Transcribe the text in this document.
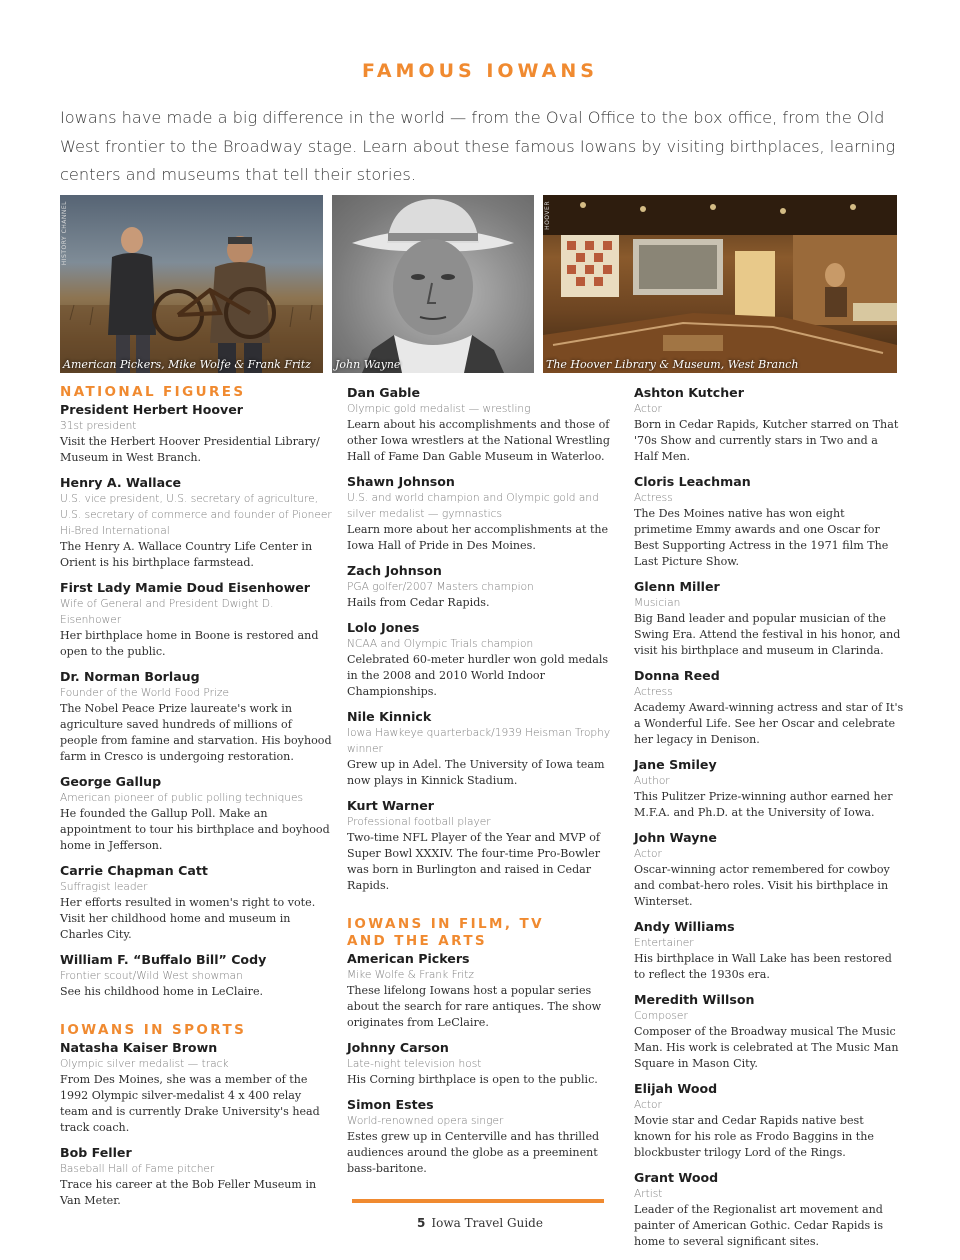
FAMOUS IOWANS
Iowans have made a big difference in the world — from the Oval Office to the box office, from the Old West frontier to the Broadway stage. Learn about these famous Iowans by visiting birthplaces, learning centers and museums that tell their stories.
HISTORY CHANNEL
American Pickers, Mike Wolfe & Frank Fritz John Wayne
HOOVER
The Hoover Library & Museum, West Branch
NATIONAL FIGURES
President Herbert Hoover
31st president
Visit the Herbert Hoover Presidential Library/ Museum in West Branch.
Henry A. Wallace
U.S. vice president, U.S. secretary of agriculture, U.S. secretary of commerce and founder of Pioneer Hi-Bred International
The Henry A. Wallace Country Life Center in Orient is his birthplace farmstead.
First Lady Mamie Doud Eisenhower
Wife of General and President Dwight D. Eisenhower
Her birthplace home in Boone is restored and open to the public.
Dr. Norman Borlaug
Founder of the World Food Prize
The Nobel Peace Prize laureate's work in agriculture saved hundreds of millions of people from famine and starvation. His boyhood farm in Cresco is undergoing restoration.
George Gallup
American pioneer of public polling techniques
He founded the Gallup Poll. Make an appointment to tour his birthplace and boyhood home in Jefferson.
Carrie Chapman Catt
Suffragist leader
Her efforts resulted in women's right to vote. Visit her childhood home and museum in Charles City.
William F. “Buffalo Bill” Cody
Frontier scout/Wild West showman
See his childhood home in LeClaire.
IOWANS IN SPORTS
Natasha Kaiser Brown
Olympic silver medalist — track
From Des Moines, she was a member of the 1992 Olympic silver-medalist 4 x 400 relay team and is currently Drake University's head track coach.
Bob Feller
Baseball Hall of Fame pitcher
Trace his career at the Bob Feller Museum in Van Meter.
Dan Gable
Olympic gold medalist — wrestling
Learn about his accomplishments and those of other Iowa wrestlers at the National Wrestling Hall of Fame Dan Gable Museum in Waterloo.
Shawn Johnson
U.S. and world champion and Olympic gold and silver medalist — gymnastics
Learn more about her accomplishments at the Iowa Hall of Pride in Des Moines.
Zach Johnson
PGA golfer/2007 Masters champion
Hails from Cedar Rapids.
Lolo Jones
NCAA and Olympic Trials champion
Celebrated 60-meter hurdler won gold medals in the 2008 and 2010 World Indoor Championships.
Nile Kinnick
Iowa Hawkeye quarterback/1939 Heisman Trophy winner
Grew up in Adel. The University of Iowa team now plays in Kinnick Stadium.
Kurt Warner
Professional football player
Two-time NFL Player of the Year and MVP of Super Bowl XXXIV. The four-time Pro-Bowler was born in Burlington and raised in Cedar Rapids.
IOWANS IN FILM, TV
AND THE ARTS
American Pickers
Mike Wolfe & Frank Fritz
These lifelong Iowans host a popular series about the search for rare antiques. The show originates from LeClaire.
Johnny Carson
Late-night television host
His Corning birthplace is open to the public.
Simon Estes
World-renowned opera singer
Estes grew up in Centerville and has thrilled audiences around the globe as a preeminent bass-baritone.
Ashton Kutcher
Actor
Born in Cedar Rapids, Kutcher starred on That '70s Show and currently stars in Two and a Half Men.
Cloris Leachman
Actress
The Des Moines native has won eight primetime Emmy awards and one Oscar for Best Supporting Actress in the 1971 film The Last Picture Show.
Glenn Miller
Musician
Big Band leader and popular musician of the Swing Era. Attend the festival in his honor, and visit his birthplace and museum in Clarinda.
Donna Reed
Actress
Academy Award-winning actress and star of It's a Wonderful Life. See her Oscar and celebrate her legacy in Denison.
Jane Smiley
Author
This Pulitzer Prize-winning author earned her M.F.A. and Ph.D. at the University of Iowa.
John Wayne
Actor
Oscar-winning actor remembered for cowboy and combat-hero roles. Visit his birthplace in Winterset.
Andy Williams
Entertainer
His birthplace in Wall Lake has been restored to reflect the 1930s era.
Meredith Willson
Composer
Composer of the Broadway musical The Music Man. His work is celebrated at The Music Man Square in Mason City.
Elijah Wood
Actor
Movie star and Cedar Rapids native best known for his role as Frodo Baggins in the blockbuster trilogy Lord of the Rings.
Grant Wood
Artist
Leader of the Regionalist art movement and painter of American Gothic. Cedar Rapids is home to several significant sites.
5 Iowa Travel Guide
